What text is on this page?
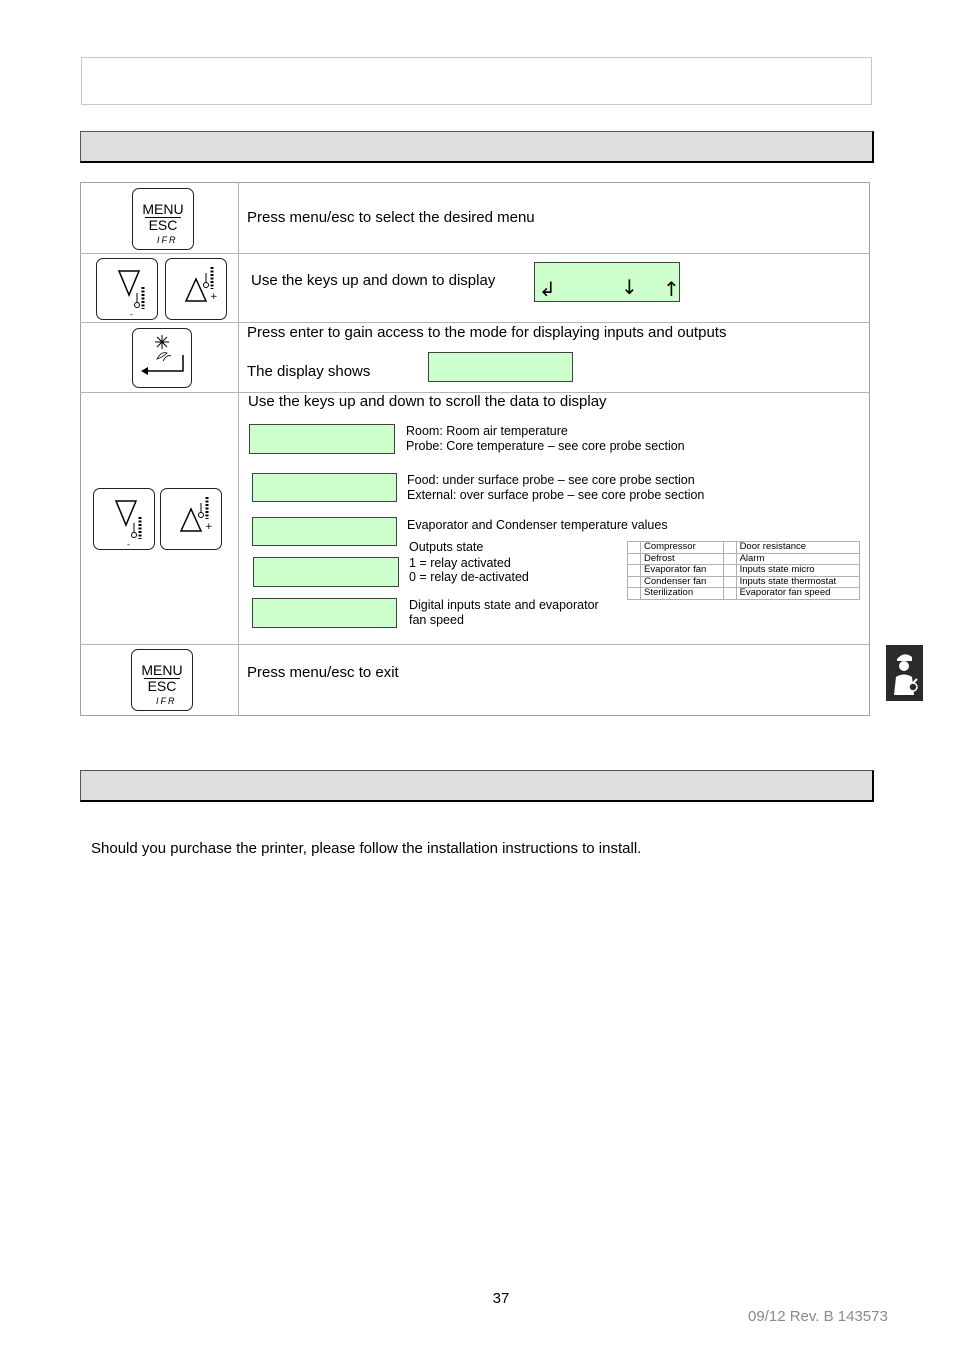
MENU
ESC
IFR
Press menu/esc to select the desired menu
-
+
Use the keys up and down to display ↲	↓ ↑
Press enter to gain access to the mode for displaying inputs and outputs
The display shows
Use the keys up and down to scroll the data to display
-
+
Room: Room air temperature
Probe: Core temperature – see core probe section
Food: under surface probe – see core probe section
External: over surface probe – see core probe section
Evaporator and Condenser temperature values
Outputs state
1 = relay activated
0 = relay de-activated
Digital inputs state and evaporator
fan speed
	Compressor		Door resistance
	Defrost		Alarm
	Evaporator fan		Inputs state micro
	Condenser fan		Inputs state thermostat
	Sterilization		Evaporator fan speed
MENU
ESC
IFR
Press menu/esc to exit
Should you purchase the printer, please follow the installation instructions to install.
37
09/12 Rev. B 143573
